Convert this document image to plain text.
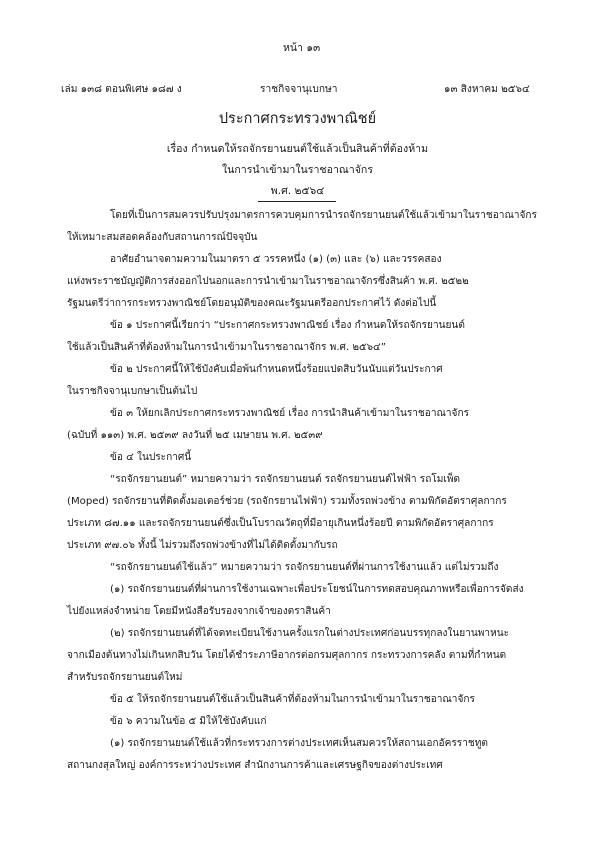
หน้า ๑๓
เล่ม ๑๓๘ ตอนพิเศษ ๑๘๗ ง	ราชกิจจานุเบกษา	๑๓ สิงหาคม ๒๕๖๔
ประกาศกระทรวงพาณิชย์
เรื่อง กำหนดให้รถจักรยานยนต์ใช้แล้วเป็นสินค้าที่ต้องห้าม
ในการนำเข้ามาในราชอาณาจักร
พ.ศ. ๒๕๖๔
โดยที่เป็นการสมควรปรับปรุงมาตรการควบคุมการนำรถจักรยานยนต์ใช้แล้วเข้ามาในราชอาณาจักร
ให้เหมาะสมสอดคล้องกับสถานการณ์ปัจจุบัน
อาศัยอำนาจตามความในมาตรา ๕ วรรคหนึ่ง (๑) (๓) และ (๖) และวรรคสอง
แห่งพระราชบัญญัติการส่งออกไปนอกและการนำเข้ามาในราชอาณาจักรซึ่งสินค้า พ.ศ. ๒๕๒๒
รัฐมนตรีว่าการกระทรวงพาณิชย์โดยอนุมัติของคณะรัฐมนตรีออกประกาศไว้ ดังต่อไปนี้
ข้อ ๑ ประกาศนี้เรียกว่า “ประกาศกระทรวงพาณิชย์ เรื่อง กำหนดให้รถจักรยานยนต์
ใช้แล้วเป็นสินค้าที่ต้องห้ามในการนำเข้ามาในราชอาณาจักร พ.ศ. ๒๕๖๔”
ข้อ ๒ ประกาศนี้ให้ใช้บังคับเมื่อพ้นกำหนดหนึ่งร้อยแปดสิบวันนับแต่วันประกาศ
ในราชกิจจานุเบกษาเป็นต้นไป
ข้อ ๓ ให้ยกเลิกประกาศกระทรวงพาณิชย์ เรื่อง การนำสินค้าเข้ามาในราชอาณาจักร
(ฉบับที่ ๑๑๓) พ.ศ. ๒๕๓๙ ลงวันที่ ๒๕ เมษายน พ.ศ. ๒๕๓๙
ข้อ ๔ ในประกาศนี้
“รถจักรยานยนต์” หมายความว่า รถจักรยานยนต์ รถจักรยานยนต์ไฟฟ้า รถโมเพ็ด
(Moped) รถจักรยานที่ติดตั้งมอเตอร์ช่วย (รถจักรยานไฟฟ้า) รวมทั้งรถพ่วงข้าง ตามพิกัดอัตราศุลกากร
ประเภท ๘๗.๑๑ และรถจักรยานยนต์ซึ่งเป็นโบราณวัตถุที่มีอายุเกินหนึ่งร้อยปี ตามพิกัดอัตราศุลกากร
ประเภท ๙๗.๐๖ ทั้งนี้ ไม่รวมถึงรถพ่วงข้างที่ไม่ได้ติดตั้งมากับรถ
“รถจักรยานยนต์ใช้แล้ว” หมายความว่า รถจักรยานยนต์ที่ผ่านการใช้งานแล้ว แต่ไม่รวมถึง
(๑) รถจักรยานยนต์ที่ผ่านการใช้งานเฉพาะเพื่อประโยชน์ในการทดสอบคุณภาพหรือเพื่อการจัดส่ง
ไปยังแหล่งจำหน่าย โดยมีหนังสือรับรองจากเจ้าของตราสินค้า
(๒) รถจักรยานยนต์ที่ได้จดทะเบียนใช้งานครั้งแรกในต่างประเทศก่อนบรรทุกลงในยานพาหนะ
จากเมืองต้นทางไม่เกินหกสิบวัน โดยได้ชำระภาษีอากรต่อกรมศุลกากร กระทรวงการคลัง ตามที่กำหนด
สำหรับรถจักรยานยนต์ใหม่
ข้อ ๕ ให้รถจักรยานยนต์ใช้แล้วเป็นสินค้าที่ต้องห้ามในการนำเข้ามาในราชอาณาจักร
ข้อ ๖ ความในข้อ ๕ มิให้ใช้บังคับแก่
(๑) รถจักรยานยนต์ใช้แล้วที่กระทรวงการต่างประเทศเห็นสมควรให้สถานเอกอัครราชทูต
สถานกงสุลใหญ่ องค์การระหว่างประเทศ สำนักงานการค้าและเศรษฐกิจของต่างประเทศ
